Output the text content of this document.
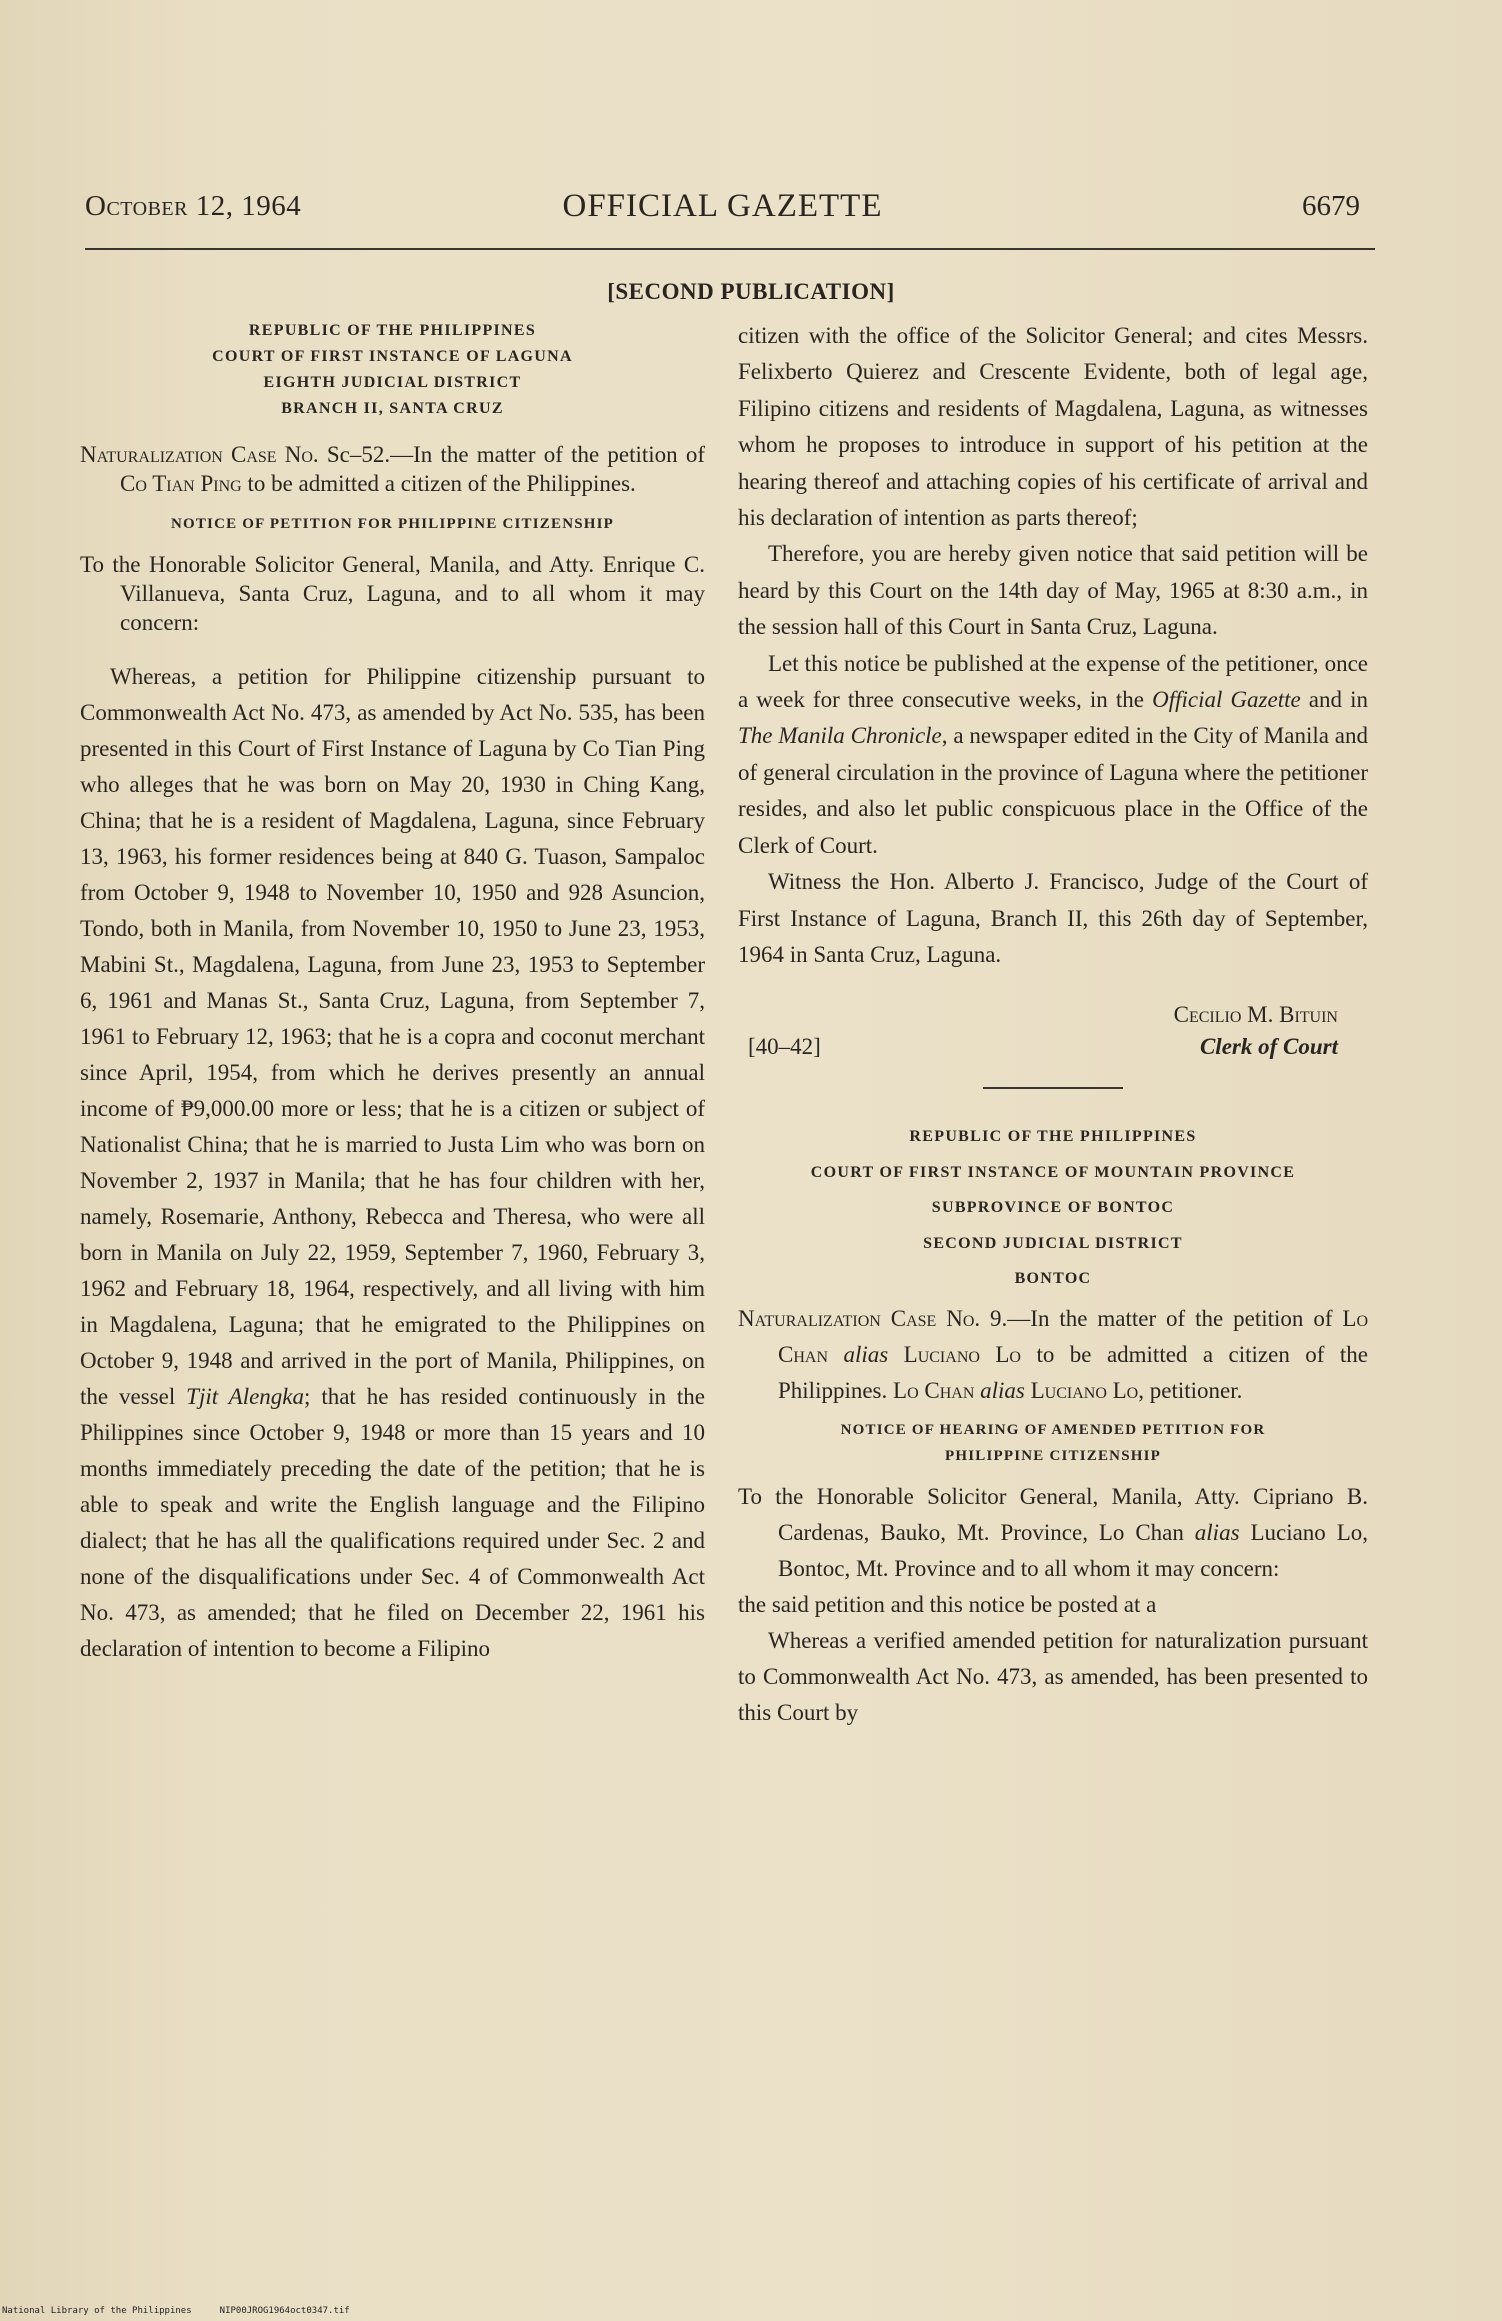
October 12, 1964	OFFICIAL GAZETTE	6679
[SECOND PUBLICATION]
REPUBLIC OF THE PHILIPPINES
COURT OF FIRST INSTANCE OF LAGUNA
EIGHTH JUDICIAL DISTRICT
BRANCH II, SANTA CRUZ
Naturalization Case No. Sc–52.—In the matter of the petition of Co Tian Ping to be admitted a citizen of the Philippines.
NOTICE OF PETITION FOR PHILIPPINE CITIZENSHIP
To the Honorable Solicitor General, Manila, and Atty. Enrique C. Villanueva, Santa Cruz, Laguna, and to all whom it may concern:

Whereas, a petition for Philippine citizenship pursuant to Commonwealth Act No. 473, as amended by Act No. 535, has been presented in this Court of First Instance of Laguna by Co Tian Ping who alleges that he was born on May 20, 1930 in Ching Kang, China; that he is a resident of Magdalena, Laguna, since February 13, 1963, his former residences being at 840 G. Tuason, Sampaloc from October 9, 1948 to November 10, 1950 and 928 Asuncion, Tondo, both in Manila, from November 10, 1950 to June 23, 1953, Mabini St., Magdalena, Laguna, from June 23, 1953 to September 6, 1961 and Manas St., Santa Cruz, Laguna, from September 7, 1961 to February 12, 1963; that he is a copra and coconut merchant since April, 1954, from which he derives presently an annual income of ₱9,000.00 more or less; that he is a citizen or subject of Nationalist China; that he is married to Justa Lim who was born on November 2, 1937 in Manila; that he has four children with her, namely, Rosemarie, Anthony, Rebecca and Theresa, who were all born in Manila on July 22, 1959, September 7, 1960, February 3, 1962 and February 18, 1964, respectively, and all living with him in Magdalena, Laguna; that he emigrated to the Philippines on October 9, 1948 and arrived in the port of Manila, Philippines, on the vessel Tjit Alengka; that he has resided continuously in the Philippines since October 9, 1948 or more than 15 years and 10 months immediately preceding the date of the petition; that he is able to speak and write the English language and the Filipino dialect; that he has all the qualifications required under Sec. 2 and none of the disqualifications under Sec. 4 of Commonwealth Act No. 473, as amended; that he filed on December 22, 1961 his declaration of intention to become a Filipino

citizen with the office of the Solicitor General; and cites Messrs. Felixberto Quierez and Crescente Evidente, both of legal age, Filipino citizens and residents of Magdalena, Laguna, as witnesses whom he proposes to introduce in support of his petition at the hearing thereof and attaching copies of his certificate of arrival and his declaration of intention as parts thereof;

Therefore, you are hereby given notice that said petition will be heard by this Court on the 14th day of May, 1965 at 8:30 a.m., in the session hall of this Court in Santa Cruz, Laguna.

Let this notice be published at the expense of the petitioner, once a week for three consecutive weeks, in the Official Gazette and in The Manila Chronicle, a newspaper edited in the City of Manila and of general circulation in the province of Laguna where the petitioner resides, and also let public conspicuous place in the Office of the Clerk of Court.

Witness the Hon. Alberto J. Francisco, Judge of the Court of First Instance of Laguna, Branch II, this 26th day of September, 1964 in Santa Cruz, Laguna.

Cecilio M. Bituin
[40–42]	Clerk of Court
REPUBLIC OF THE PHILIPPINES
COURT OF FIRST INSTANCE OF MOUNTAIN PROVINCE
SUBPROVINCE OF BONTOC
SECOND JUDICIAL DISTRICT
BONTOC
Naturalization Case No. 9.—In the matter of the petition of Lo Chan alias Luciano Lo to be admitted a citizen of the Philippines. Lo Chan alias Luciano Lo, petitioner.
NOTICE OF HEARING OF AMENDED PETITION FOR
PHILIPPINE CITIZENSHIP
To the Honorable Solicitor General, Manila, Atty. Cipriano B. Cardenas, Bauko, Mt. Province, Lo Chan alias Luciano Lo, Bontoc, Mt. Province and to all whom it may concern:

the said petition and this notice be posted at a

Whereas a verified amended petition for naturalization pursuant to Commonwealth Act No. 473, as amended, has been presented to this Court by

National Library of the Philippines	NIP00JROG1964oct0347.tif
